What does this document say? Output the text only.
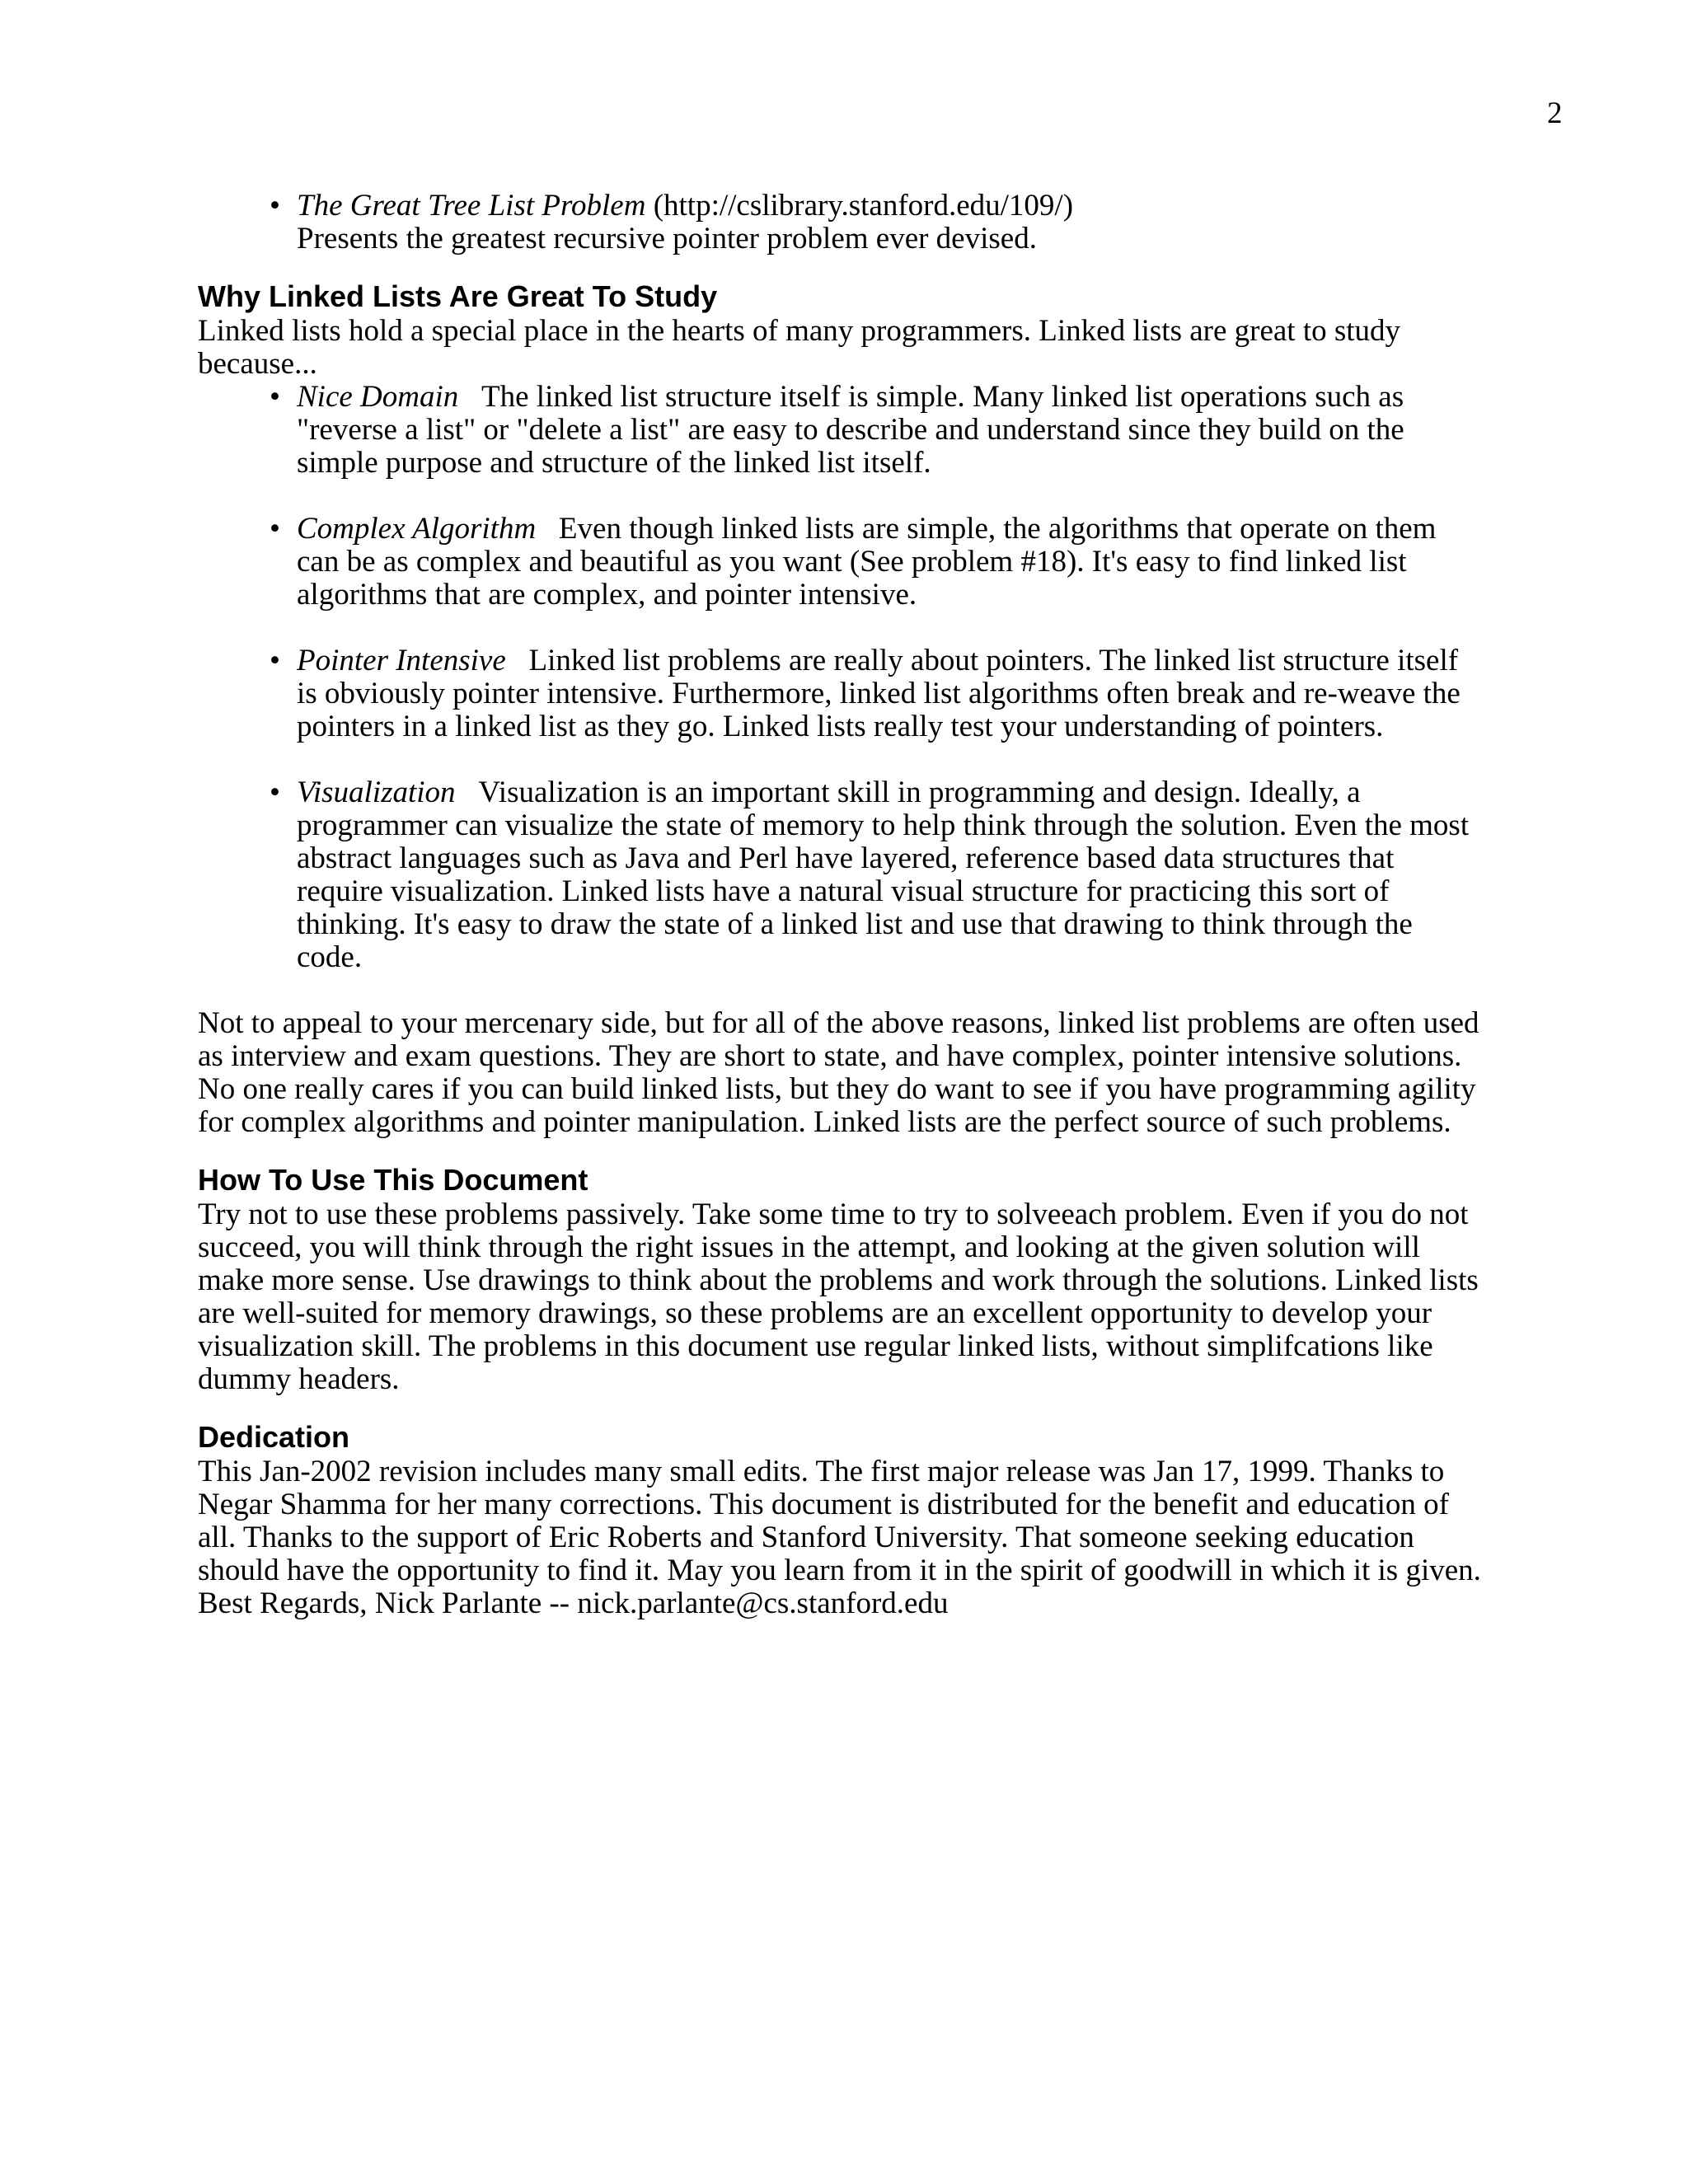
2
• The Great Tree List Problem (http://cslibrary.stanford.edu/109/)
Presents the greatest recursive pointer problem ever devised.
Why Linked Lists Are Great To Study

Linked lists hold a special place in the hearts of many programmers. Linked lists are great to study because...

• Nice Domain The linked list structure itself is simple. Many linked list operations such as "reverse a list" or "delete a list" are easy to describe and understand since they build on the simple purpose and structure of the linked list itself.
• Complex Algorithm Even though linked lists are simple, the algorithms that operate on them can be as complex and beautiful as you want (See problem #18). It's easy to find linked list algorithms that are complex, and pointer intensive.
• Pointer Intensive Linked list problems are really about pointers. The linked list structure itself is obviously pointer intensive. Furthermore, linked list algorithms often break and re-weave the pointers in a linked list as they go. Linked lists really test your understanding of pointers.
• Visualization Visualization is an important skill in programming and design. Ideally, a programmer can visualize the state of memory to help think through the solution. Even the most abstract languages such as Java and Perl have layered, reference based data structures that require visualization. Linked lists have a natural visual structure for practicing this sort of thinking. It's easy to draw the state of a linked list and use that drawing to think through the code.

Not to appeal to your mercenary side, but for all of the above reasons, linked list problems are often used as interview and exam questions. They are short to state, and have complex, pointer intensive solutions. No one really cares if you can build linked lists, but they do want to see if you have programming agility for complex algorithms and pointer manipulation. Linked lists are the perfect source of such problems.

How To Use This Document

Try not to use these problems passively. Take some time to try to solveeach problem. Even if you do not succeed, you will think through the right issues in the attempt, and looking at the given solution will make more sense. Use drawings to think about the problems and work through the solutions. Linked lists are well-suited for memory drawings, so these problems are an excellent opportunity to develop your visualization skill. The problems in this document use regular linked lists, without simplifcations like dummy headers.

Dedication

This Jan-2002 revision includes many small edits. The first major release was Jan 17, 1999. Thanks to Negar Shamma for her many corrections. This document is distributed for the benefit and education of all. Thanks to the support of Eric Roberts and Stanford University. That someone seeking education should have the opportunity to find it. May you learn from it in the spirit of goodwill in which it is given.

Best Regards, Nick Parlante -- nick.parlante@cs.stanford.edu
